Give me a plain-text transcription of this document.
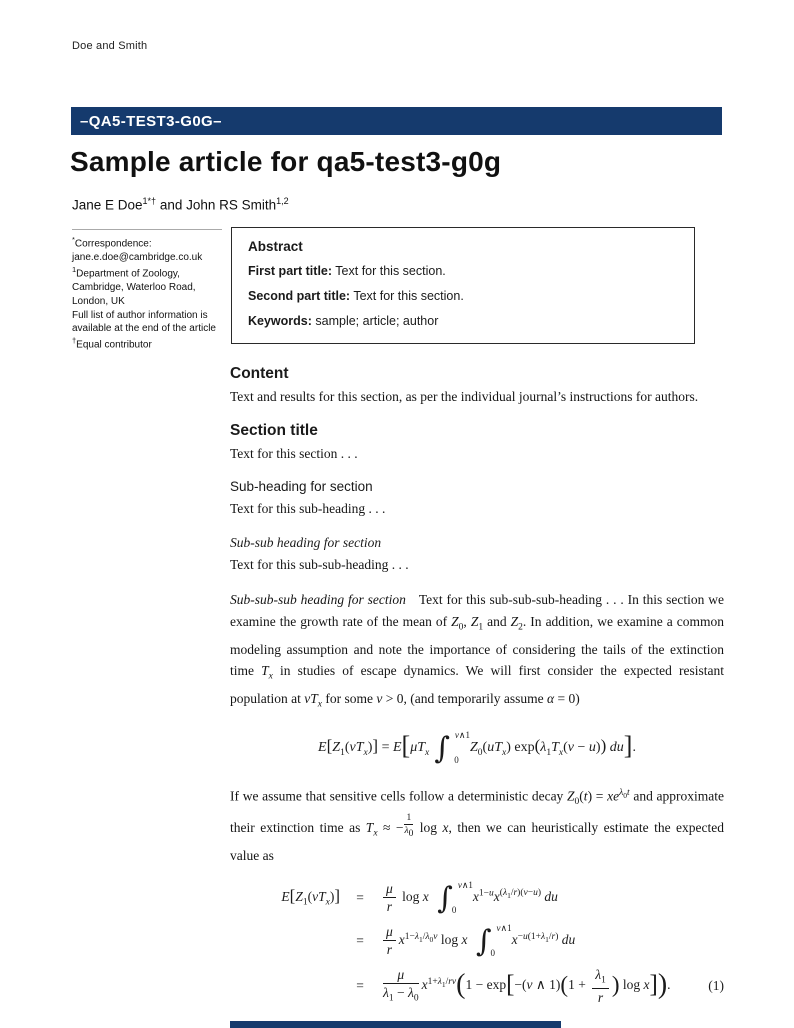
Doe and Smith
–QA5-TEST3-G0G–
Sample article for qa5-test3-g0g
Jane E Doe$^{1*\dagger}$ and John RS Smith$^{1,2}$
*Correspondence:
jane.e.doe@cambridge.co.uk
$^1$Department of Zoology,
Cambridge, Waterloo Road,
London, UK
Full list of author information is
available at the end of the article
†Equal contributor
Abstract

First part title: Text for this section.

Second part title: Text for this section.

Keywords: sample; article; author

Content

Text and results for this section, as per the individual journal’s instructions for authors.

Section title

Text for this section . . .

Sub-heading for section

Text for this sub-heading . . .

Sub-sub heading for section

Text for this sub-sub-heading . . .

Sub-sub-sub heading for section Text for this sub-sub-sub-heading . . . In this section we examine the growth rate of the mean of $Z_0$, $Z_1$ and $Z_2$. In addition, we examine a common modeling assumption and note the importance of considering the tails of the extinction time $T_x$ in studies of escape dynamics. We will first consider the expected resistant population at $vT_x$ for some v > 0, (and temporarily assume α = 0)

$E[Z_1(vT_x)] = E[\mu T_x$ ∫ v∧1
0
$Z_0(uT_x) \exp(\lambda_1T_x(v - u))$ du].

If we assume that sensitive cells follow a deterministic decay $Z_0(t) = xe^{\lambda_0t}$ and approximate their extinction time as $T_x$ ≈ − $\frac{1}{\lambda_0}$ log x, then we can heuristically estimate the expected value as

$E[Z_1(vT_x)]$	=	$\frac{\mu}{r}$ log x ∫ v∧1
0
$x^{1-u}x^{(\lambda_1/r)(v-u)}$ du
=	$\frac{\mu}{r} x^{1-\lambda_1/\lambda_0v}$ log x ∫ v∧1
0
$x^{-u(1+\lambda_1/r)}$ du
=	$\frac{\mu}{\lambda_1 - \lambda_0} x^{1+\lambda_1/rv}(1 - \exp[-(v$ ∧ $1)(1 + \frac{\lambda_1}{r}$ ) log x]).	(1)
